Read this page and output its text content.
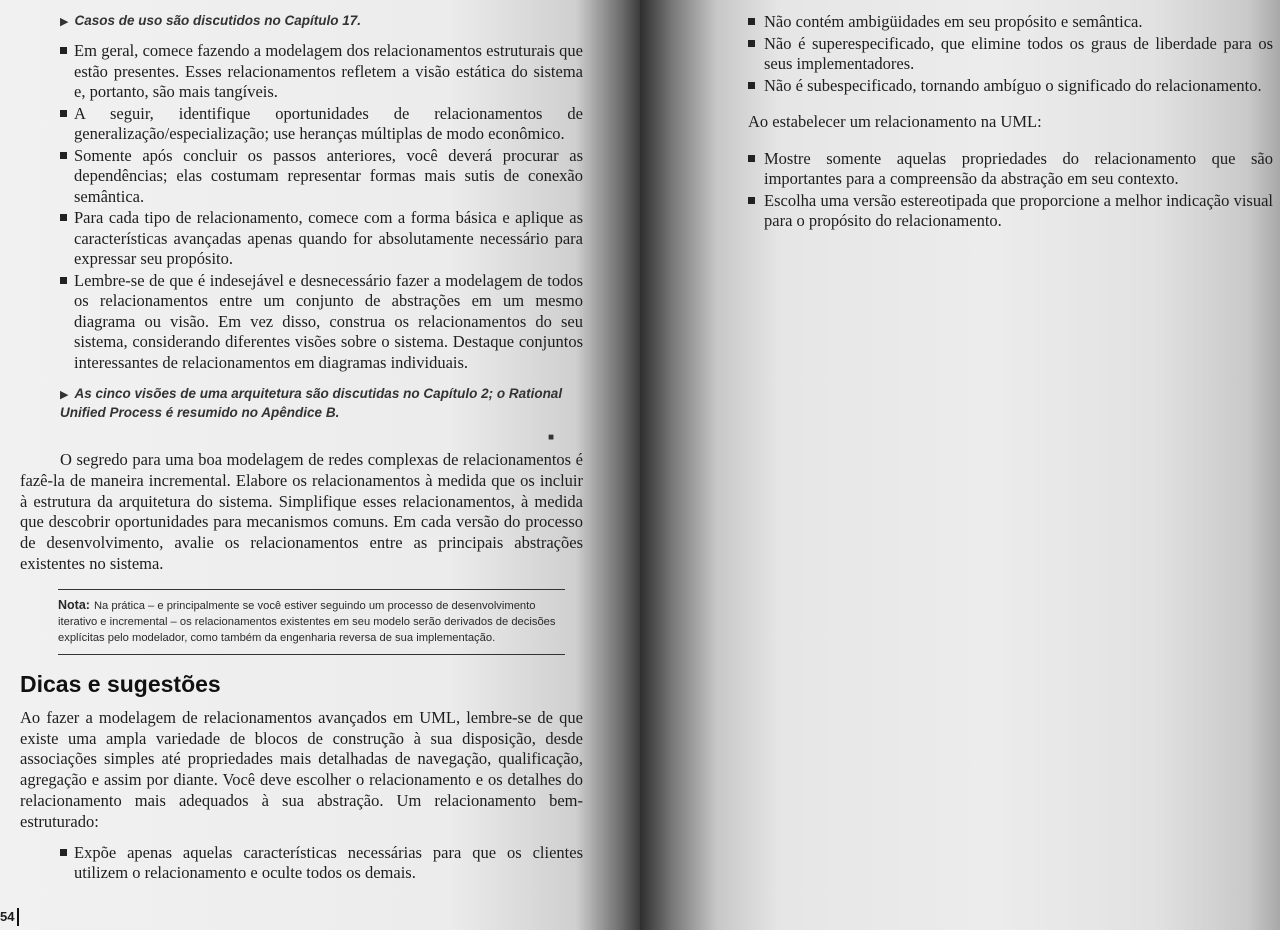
▶ Casos de uso são discutidos no Capítulo 17.
Em geral, comece fazendo a modelagem dos relacionamentos estruturais que estão presentes. Esses relacionamentos refletem a visão estática do sistema e, portanto, são mais tangíveis.
A seguir, identifique oportunidades de relacionamentos de generalização/especialização; use heranças múltiplas de modo econômico.
Somente após concluir os passos anteriores, você deverá procurar as dependências; elas costumam representar formas mais sutis de conexão semântica.
Para cada tipo de relacionamento, comece com a forma básica e aplique as características avançadas apenas quando for absolutamente necessário para expressar seu propósito.
Lembre-se de que é indesejável e desnecessário fazer a modelagem de todos os relacionamentos entre um conjunto de abstrações em um mesmo diagrama ou visão. Em vez disso, construa os relacionamentos do seu sistema, considerando diferentes visões sobre o sistema. Destaque conjuntos interessantes de relacionamentos em diagramas individuais.
▶ As cinco visões de uma arquitetura são discutidas no Capítulo 2; o Rational Unified Process é resumido no Apêndice B.

O segredo para uma boa modelagem de redes complexas de relacionamentos é fazê-la de maneira incremental. Elabore os relacionamentos à medida que os incluir à estrutura da arquitetura do sistema. Simplifique esses relacionamentos, à medida que descobrir oportunidades para mecanismos comuns. Em cada versão do processo de desenvolvimento, avalie os relacionamentos entre as principais abstrações existentes no sistema.

Nota: Na prática – e principalmente se você estiver seguindo um processo de desenvolvimento iterativo e incremental – os relacionamentos existentes em seu modelo serão derivados de decisões explícitas pelo modelador, como também da engenharia reversa de sua implementação.
Dicas e sugestões

Ao fazer a modelagem de relacionamentos avançados em UML, lembre-se de que existe uma ampla variedade de blocos de construção à sua disposição, desde associações simples até propriedades mais detalhadas de navegação, qualificação, agregação e assim por diante. Você deve escolher o relacionamento e os detalhes do relacionamento mais adequados à sua abstração. Um relacionamento bem-estruturado:

Expõe apenas aquelas características necessárias para que os clientes utilizem o relacionamento e oculte todos os demais.
■
54
Não contém ambigüidades em seu propósito e semântica.
Não é superespecificado, que elimine todos os graus de liberdade para os seus implementadores.
Não é subespecificado, tornando ambíguo o significado do relacionamento.

Ao estabelecer um relacionamento na UML:

Mostre somente aquelas propriedades do relacionamento que são importantes para a compreensão da abstração em seu contexto.
Escolha uma versão estereotipada que proporcione a melhor indicação visual para o propósito do relacionamento.
